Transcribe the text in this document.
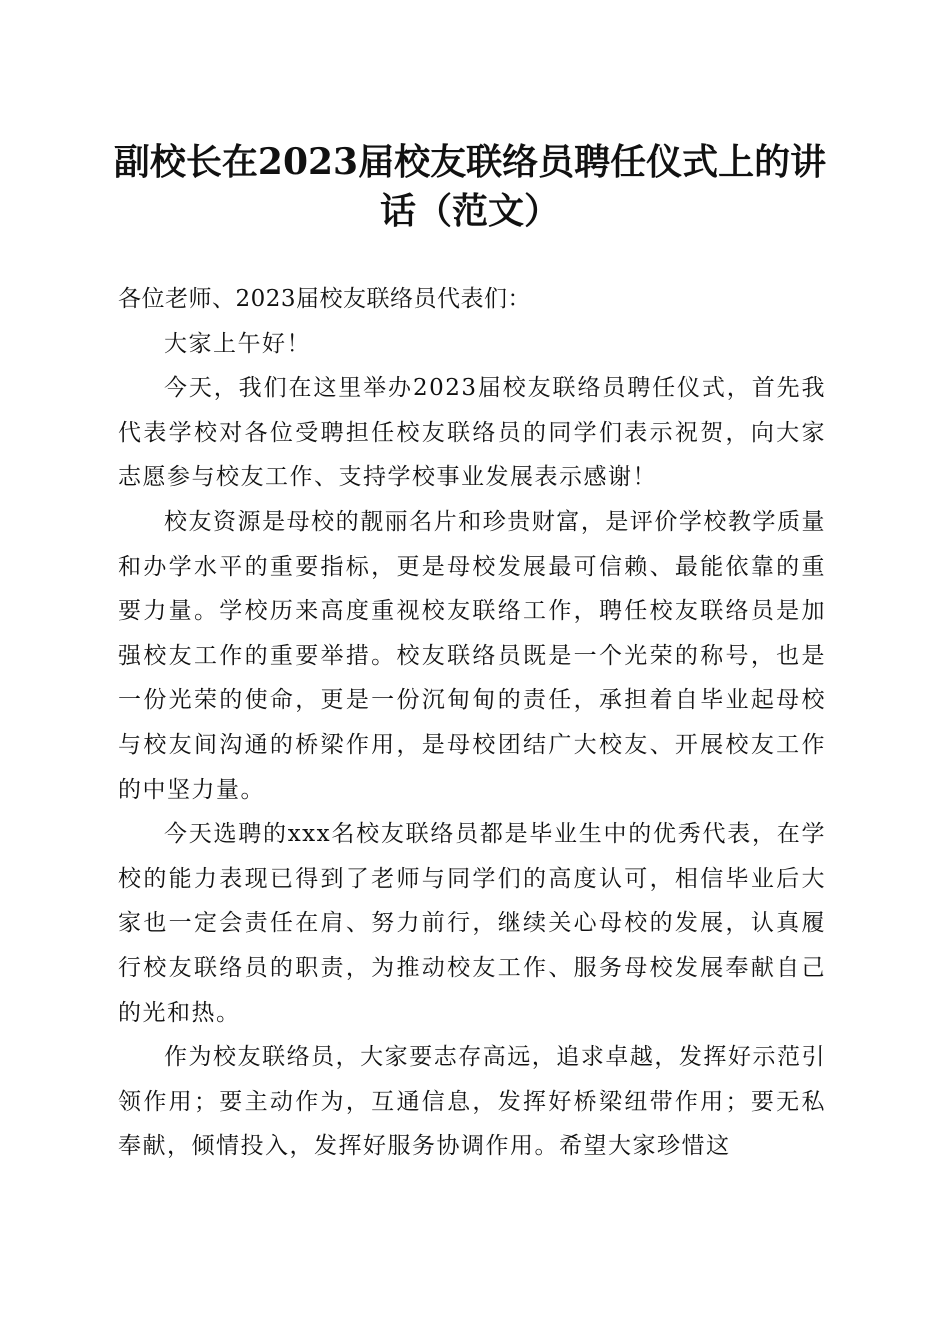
副校长在2023届校友联络员聘任仪式上的讲
话（范文）

各位老师、2023届校友联络员代表们：

大家上午好！

今天，我们在这里举办2023届校友联络员聘任仪式，首先我代表学校对各位受聘担任校友联络员的同学们表示祝贺，向大家志愿参与校友工作、支持学校事业发展表示感谢！

校友资源是母校的靓丽名片和珍贵财富，是评价学校教学质量和办学水平的重要指标，更是母校发展最可信赖、最能依靠的重要力量。学校历来高度重视校友联络工作，聘任校友联络员是加强校友工作的重要举措。校友联络员既是一个光荣的称号，也是一份光荣的使命，更是一份沉甸甸的责任，承担着自毕业起母校与校友间沟通的桥梁作用，是母校团结广大校友、开展校友工作的中坚力量。

今天选聘的xxx名校友联络员都是毕业生中的优秀代表，在学校的能力表现已得到了老师与同学们的高度认可，相信毕业后大家也一定会责任在肩、努力前行，继续关心母校的发展，认真履行校友联络员的职责，为推动校友工作、服务母校发展奉献自己的光和热。

作为校友联络员，大家要志存高远，追求卓越，发挥好示范引领作用；要主动作为，互通信息，发挥好桥梁纽带作用；要无私奉献，倾情投入，发挥好服务协调作用。希望大家珍惜这
